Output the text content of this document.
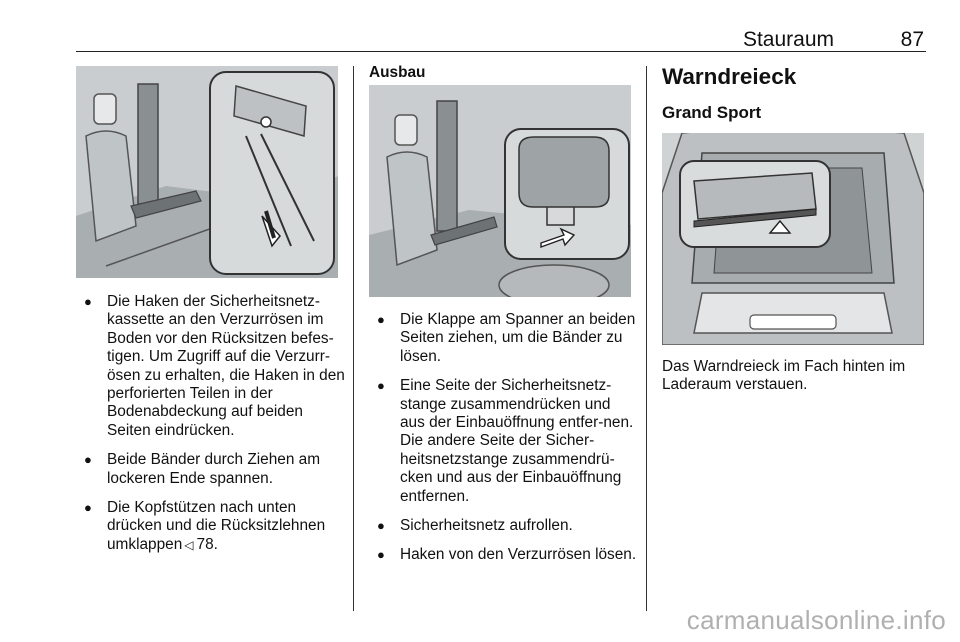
Stauraum	87
● Die Haken der Sicherheitsnetz-kassette an den Verzurrösen im Boden vor den Rücksitzen befes-tigen. Um Zugriff auf die Verzurr-ösen zu erhalten, die Haken in den perforierten Teilen in der Bodenabdeckung auf beiden Seiten eindrücken.
● Beide Bänder durch Ziehen am lockeren Ende spannen.
● Die Kopfstützen nach unten drücken und die Rücksitzlehnen umklappen ◁ 78.
Ausbau
● Die Klappe am Spanner an beiden Seiten ziehen, um die Bänder zu lösen.
● Eine Seite der Sicherheitsnetz-stange zusammendrücken und aus der Einbauöffnung entfer-nen. Die andere Seite der Sicher-heitsnetzstange zusammendrü-cken und aus der Einbauöffnung entfernen.
● Sicherheitsnetz aufrollen.
● Haken von den Verzurrösen lösen.
Warndreieck
Grand Sport
Das Warndreieck im Fach hinten im Laderaum verstauen.
carmanualsonline.info
